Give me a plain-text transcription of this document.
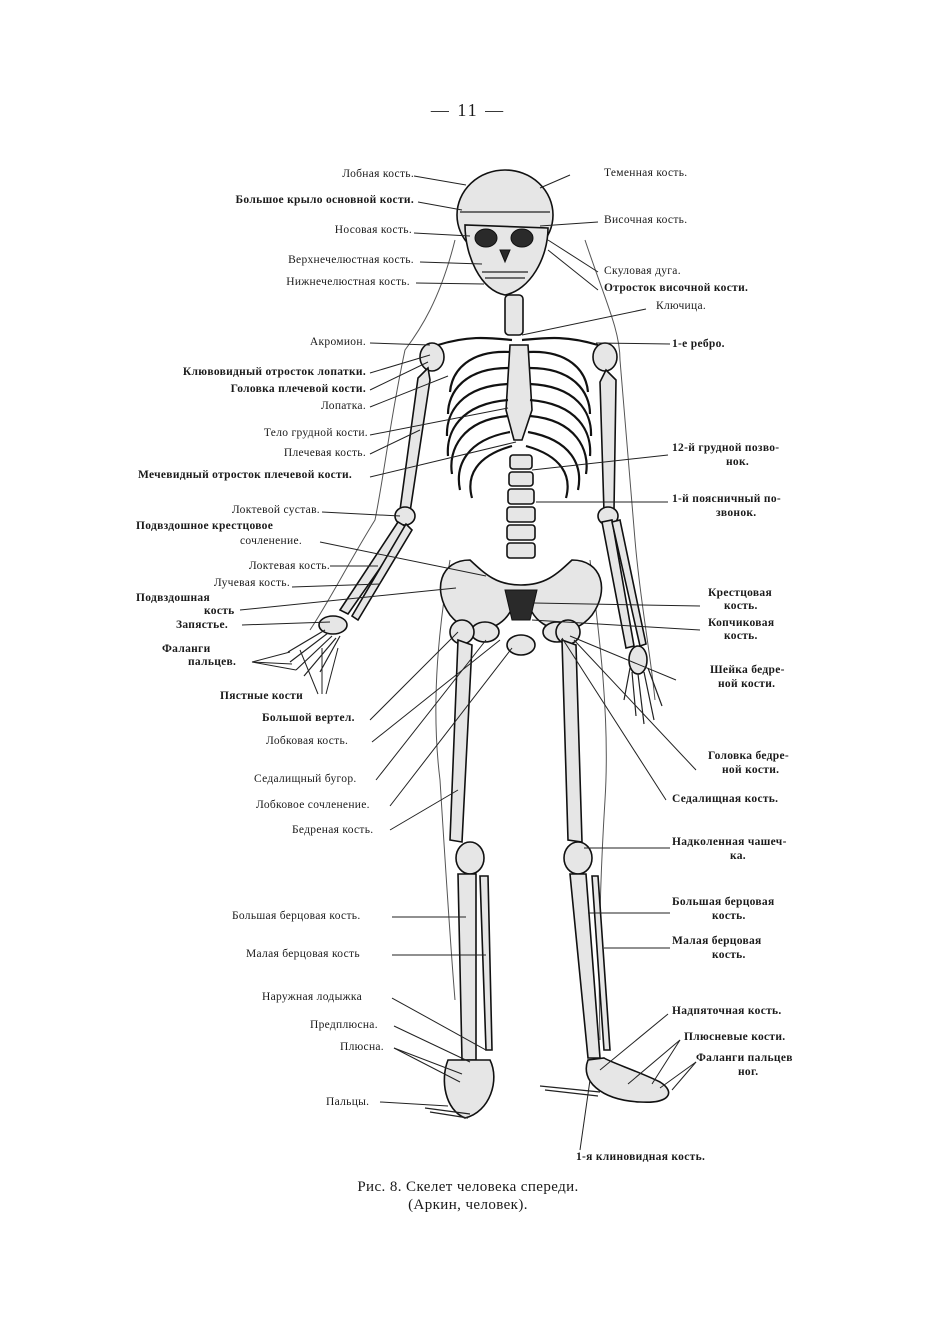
— 11 —
Лобная кость.
Большое крыло основной кости.
Носовая кость.
Верхнечелюстная кость.
Нижнечелюстная кость.
Акромион.
Клювовидный отросток лопатки.
Головка плечевой кости.
Лопатка.
Тело грудной кости.
Плечевая кость.
Мечевидный отросток плечевой кости.
Локтевой сустав.
Подвздошное крестцовое
сочленение.
Локтевая кость.
Лучевая кость.
Подвздошная
кость
Запястье.
Фаланги
пальцев.
Пястные кости
Большой вертел.
Лобковая кость.
Седалищный бугор.
Лобковое сочленение.
Бедреная кость.
Большая берцовая кость.
Малая берцовая кость
Наружная лодыжка
Предплюсна.
Плюсна.
Пальцы.
Теменная кость.
Височная кость.
Скуловая дуга.
Отросток височной кости.
Ключица.
1-е ребро.
12-й грудной позво-
нок.
1-й поясничный по-
звонок.
Крестцовая
кость.
Копчиковая
кость.
Шейка бедре-
ной кости.
Головка бедре-
ной кости.
Седалищная кость.
Надколенная чашеч-
ка.
Большая берцовая
кость.
Малая берцовая
кость.
Надпяточная кость.
Плюсневые кости.
Фаланги пальцев
ног.
1-я клиновидная кость.
Рис. 8. Скелет человека спереди.
(Аркин, человек).
